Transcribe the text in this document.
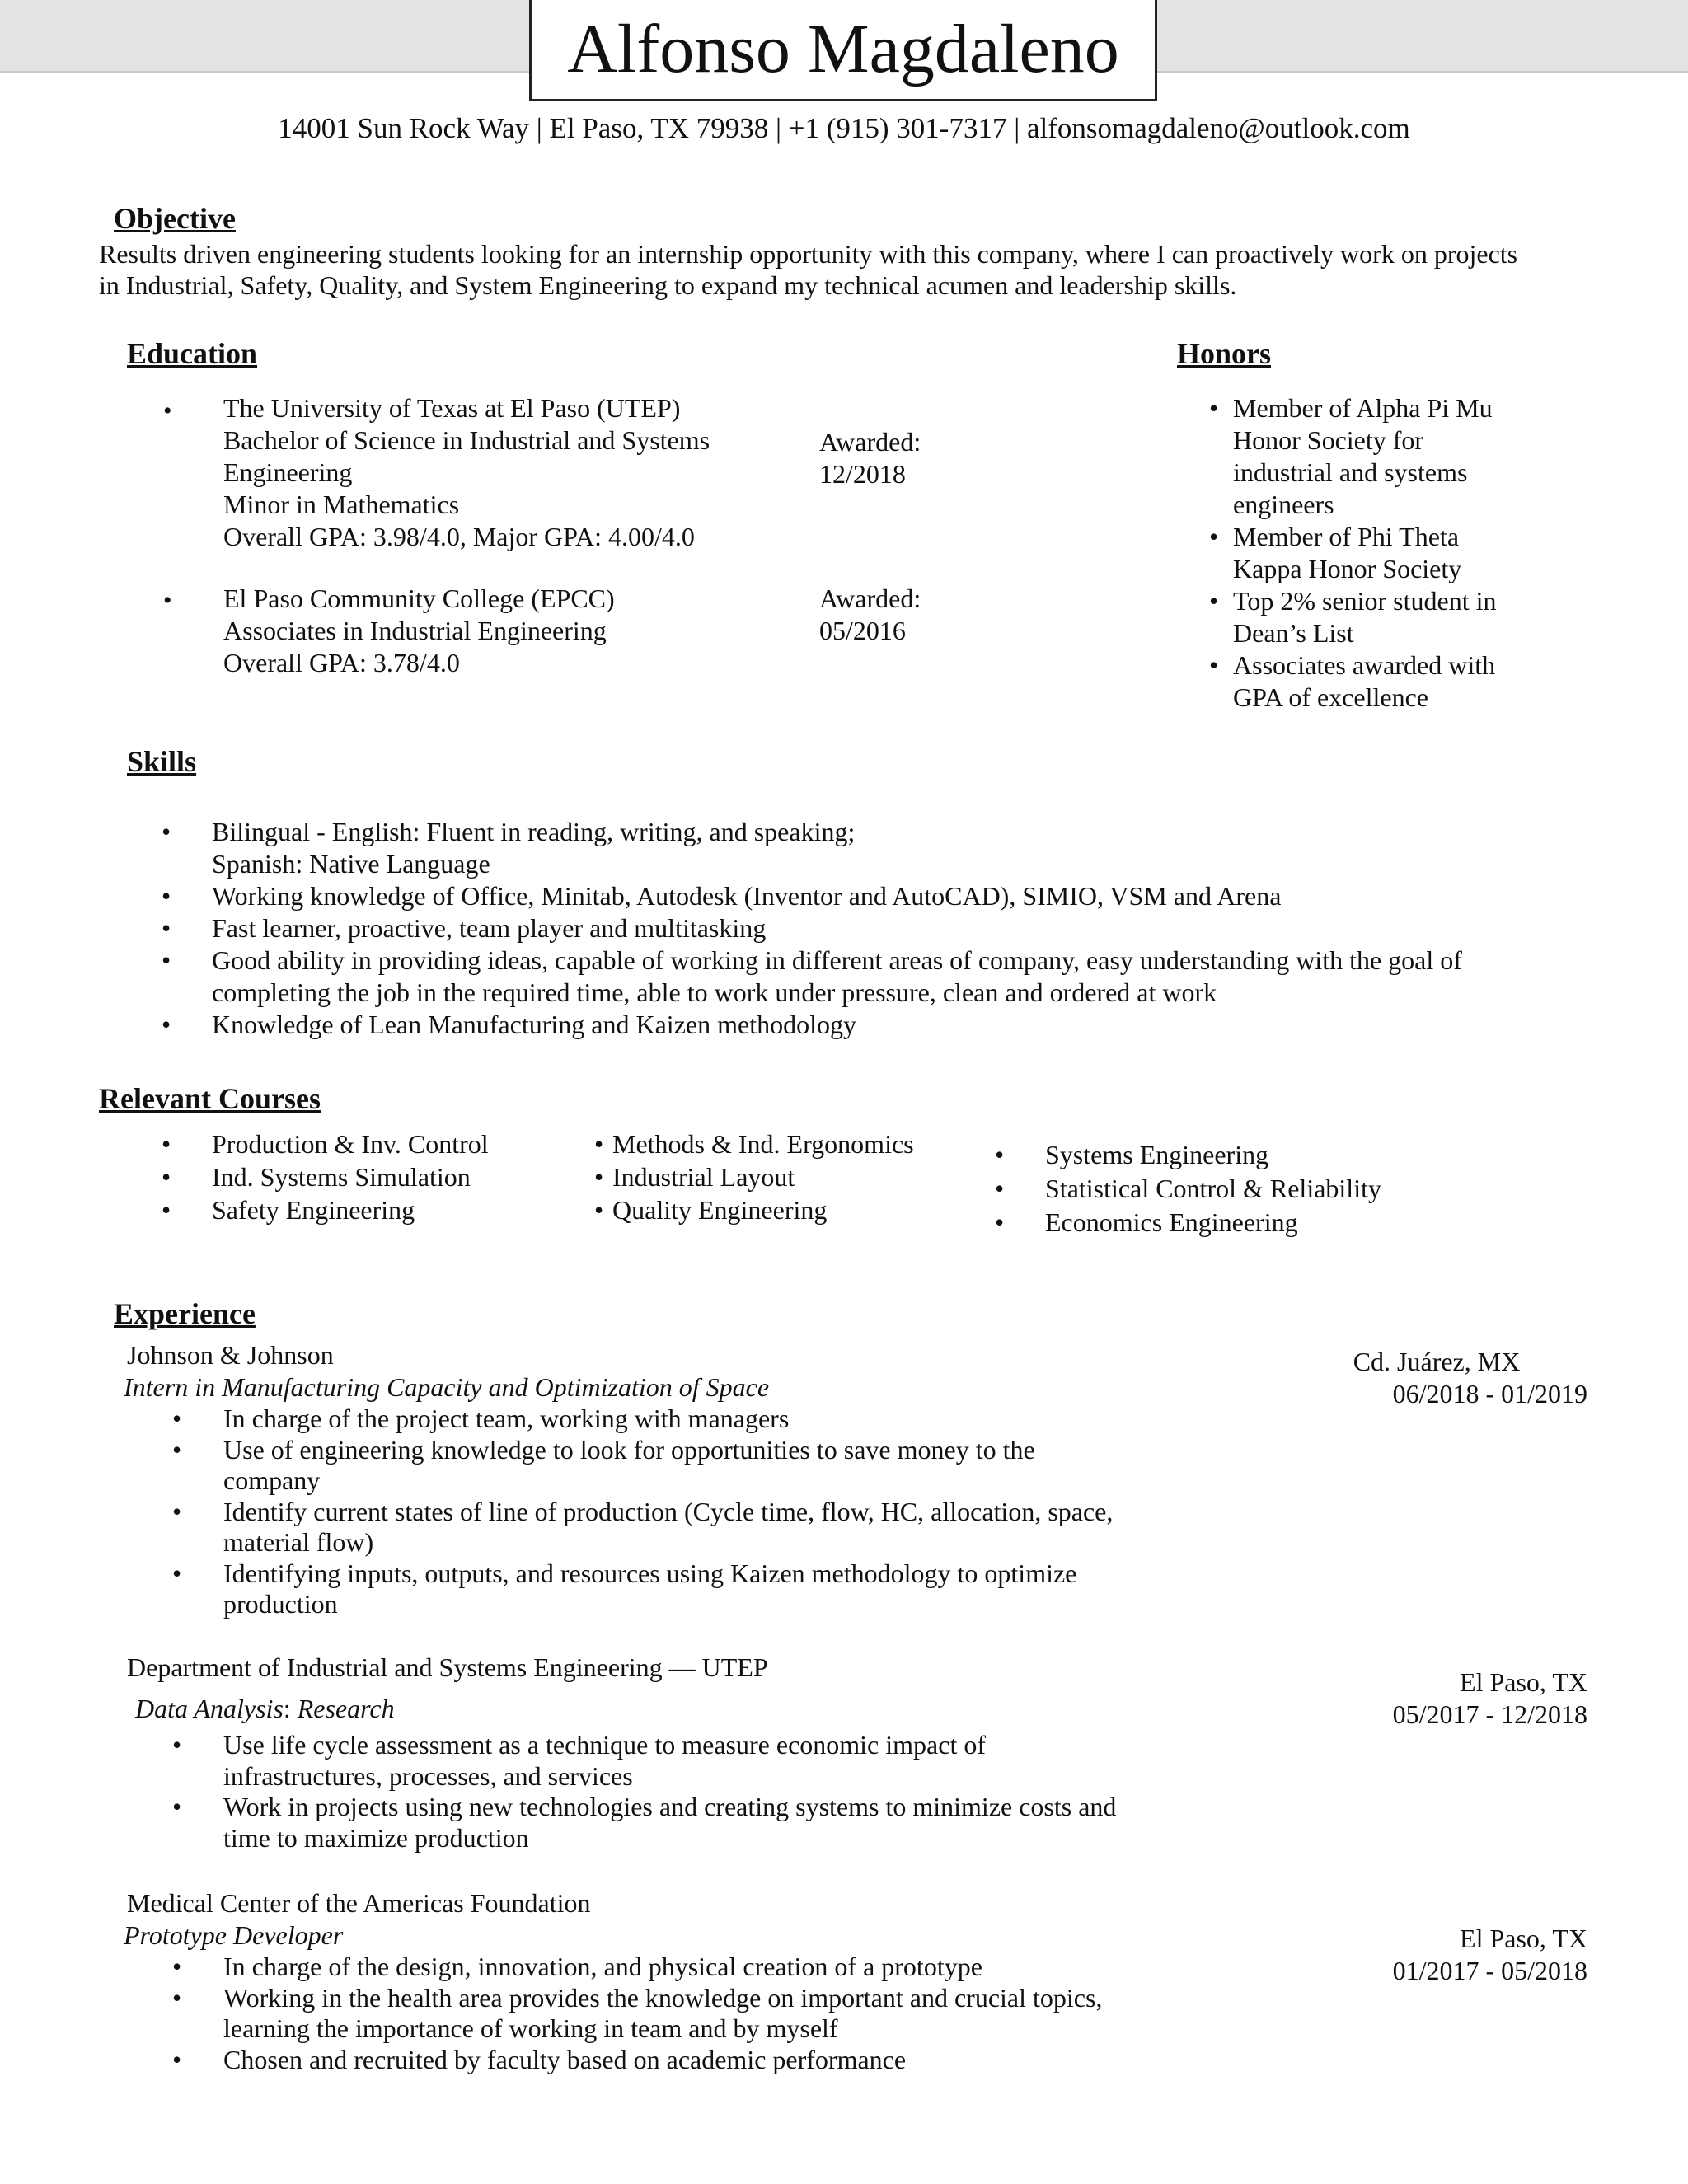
Alfonso Magdaleno
14001 Sun Rock Way | El Paso, TX 79938 | +1 (915) 301-7317 | alfonsomagdaleno@outlook.com
Objective
Results driven engineering students looking for an internship opportunity with this company, where I can proactively work on projects
in Industrial, Safety, Quality, and System Engineering to expand my technical acumen and leadership skills.
Education
• The University of Texas at El Paso (UTEP)
Bachelor of Science in Industrial and Systems
Engineering
Minor in Mathematics
Overall GPA: 3.98/4.0, Major GPA: 4.00/4.0
Awarded:
12/2018
• El Paso Community College (EPCC)
Associates in Industrial Engineering
Overall GPA: 3.78/4.0
Awarded:
05/2016
Honors
•

•

•

•
Member of Alpha Pi Mu
Honor Society for
industrial and systems
engineers
Member of Phi Theta
Kappa Honor Society
Top 2% senior student in
Dean’s List
Associates awarded with
GPA of excellence
Skills
•

•
•
•

•
Bilingual - English: Fluent in reading, writing, and speaking;
Spanish: Native Language
Working knowledge of Office, Minitab, Autodesk (Inventor and AutoCAD), SIMIO, VSM and Arena
Fast learner, proactive, team player and multitasking
Good ability in providing ideas, capable of working in different areas of company, easy understanding with the goal of
completing the job in the required time, able to work under pressure, clean and ordered at work
Knowledge of Lean Manufacturing and Kaizen methodology
Relevant Courses
•
•
•
Production & Inv. Control
Ind. Systems Simulation
Safety Engineering
•
•
•
Methods & Ind. Ergonomics
Industrial Layout
Quality Engineering
•
•
•
Systems Engineering
Statistical Control & Reliability
Economics Engineering
Experience
Johnson & Johnson
Intern in Manufacturing Capacity and Optimization of Space
Cd. Juárez, MX
06/2018 - 01/2019
•
•

•

•
In charge of the project team, working with managers
Use of engineering knowledge to look for opportunities to save money to the
company
Identify current states of line of production (Cycle time, flow, HC, allocation, space,
material flow)
Identifying inputs, outputs, and resources using Kaizen methodology to optimize
production
Department of Industrial and Systems Engineering — UTEP
Data Analysis: Research
El Paso, TX
05/2017 - 12/2018
•

•
Use life cycle assessment as a technique to measure economic impact of
infrastructures, processes, and services
Work in projects using new technologies and creating systems to minimize costs and
time to maximize production
Medical Center of the Americas Foundation
Prototype Developer	El Paso, TX
01/2017 - 05/2018
•
•

•
In charge of the design, innovation, and physical creation of a prototype
Working in the health area provides the knowledge on important and crucial topics,
learning the importance of working in team and by myself
Chosen and recruited by faculty based on academic performance
